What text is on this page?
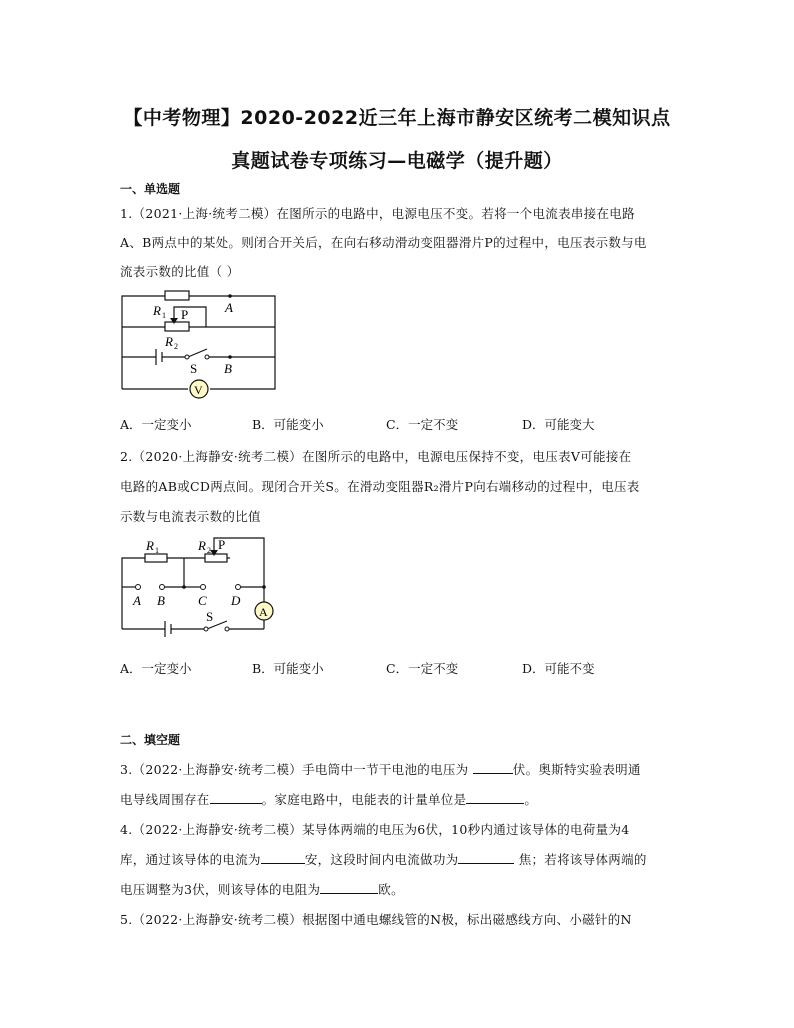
【中考物理】2020-2022近三年上海市静安区统考二模知识点
真题试卷专项练习—电磁学（提升题）
一、单选题
1.（2021·上海·统考二模）在图所示的电路中，电源电压不变。若将一个电流表串接在电路
A、B两点中的某处。则闭合开关后，在向右移动滑动变阻器滑片P的过程中，电压表示数与电
流表示数的比值（ ）
R 1
R 2
P	A
S B
V
A．一定变小	B．可能变小	C．一定不变	D．可能变大
2.（2020·上海静安·统考二模）在图所示的电路中，电源电压保持不变，电压表V可能接在
电路的AB或CD两点间。现闭合开关S。在滑动变阻器R₂滑片P向右端移动的过程中，电压表
示数与电流表示数的比值
R 1	R 2 P
A B	C D
S	A
A．一定变小	B．可能变小	C．一定不变	D．可能不变
二、填空题
3.（2022·上海静安·统考二模）手电筒中一节干电池的电压为	伏。奥斯特实验表明通
电导线周围存在	。家庭电路中，电能表的计量单位是	。
4.（2022·上海静安·统考二模）某导体两端的电压为6伏，10秒内通过该导体的电荷量为4
库，通过该导体的电流为	安，这段时间内电流做功为	焦；若将该导体两端的
电压调整为3伏，则该导体的电阻为	欧。
5.（2022·上海静安·统考二模）根据图中通电螺线管的N极，标出磁感线方向、小磁针的N
